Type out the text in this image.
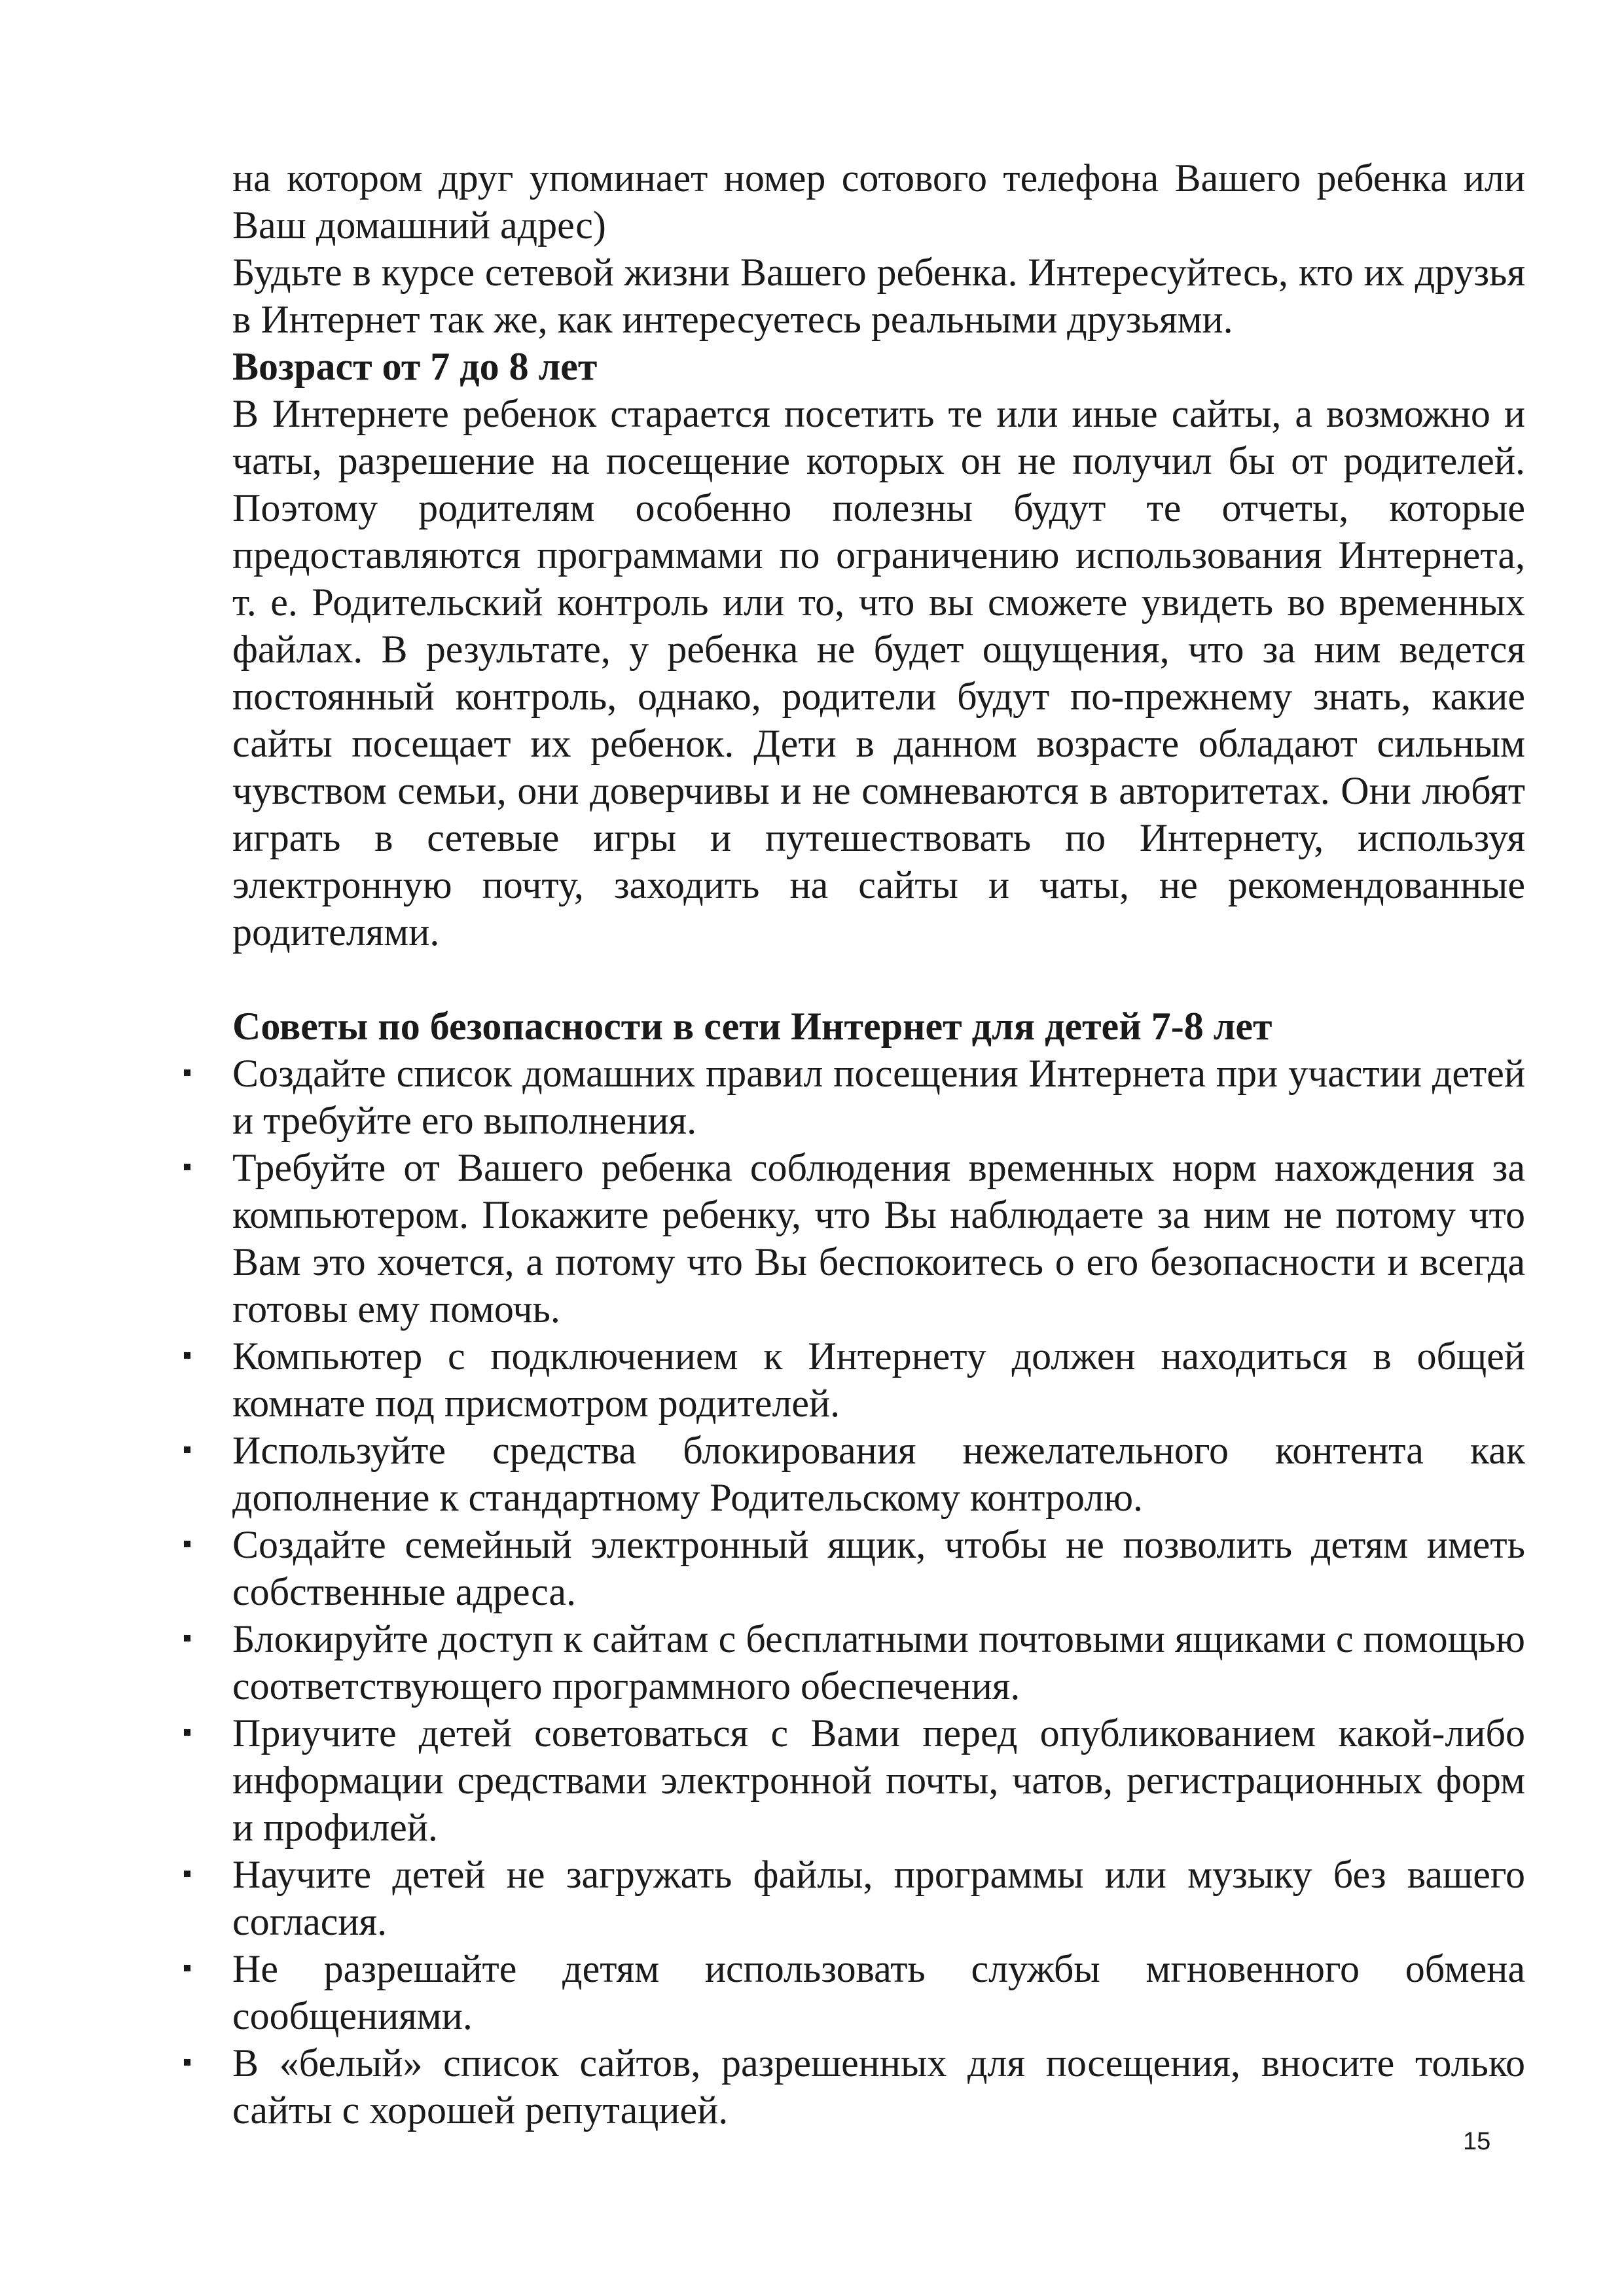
на котором друг упоминает номер сотового телефона Вашего ребенка или Ваш домашний адрес)

Будьте в курсе сетевой жизни Вашего ребенка. Интересуйтесь, кто их друзья в Интернет так же, как интересуетесь реальными друзьями.

Возраст от 7 до 8 лет

В Интернете ребенок старается посетить те или иные сайты, а возможно и чаты, разрешение на посещение которых он не получил бы от родителей. Поэтому родителям особенно полезны будут те отчеты, которые предоставляются программами по ограничению использования Интернета, т. е. Родительский контроль или то, что вы сможете увидеть во временных файлах. В результате, у ребенка не будет ощущения, что за ним ведется постоянный контроль, однако, родители будут по-прежнему знать, какие сайты посещает их ребенок. Дети в данном возрасте обладают сильным чувством семьи, они доверчивы и не сомневаются в авторитетах. Они любят играть в сетевые игры и путешествовать по Интернету, используя электронную почту, заходить на сайты и чаты, не рекомендованные родителями.

Советы по безопасности в сети Интернет для детей 7-8 лет

Создайте список домашних правил посещения Интернета при участии детей и требуйте его выполнения.
Требуйте от Вашего ребенка соблюдения временных норм нахождения за компьютером. Покажите ребенку, что Вы наблюдаете за ним не потому что Вам это хочется, а потому что Вы беспокоитесь о его безопасности и всегда готовы ему помочь.
Компьютер с подключением к Интернету должен находиться в общей комнате под присмотром родителей.
Используйте средства блокирования нежелательного контента как дополнение к стандартному Родительскому контролю.
Создайте семейный электронный ящик, чтобы не позволить детям иметь собственные адреса.
Блокируйте доступ к сайтам с бесплатными почтовыми ящиками с помощью соответствующего программного обеспечения.
Приучите детей советоваться с Вами перед опубликованием какой-либо информации средствами электронной почты, чатов, регистрационных форм и профилей.
Научите детей не загружать файлы, программы или музыку без вашего согласия.
Не разрешайте детям использовать службы мгновенного обмена сообщениями.
В «белый» список сайтов, разрешенных для посещения, вносите только сайты с хорошей репутацией.
15
